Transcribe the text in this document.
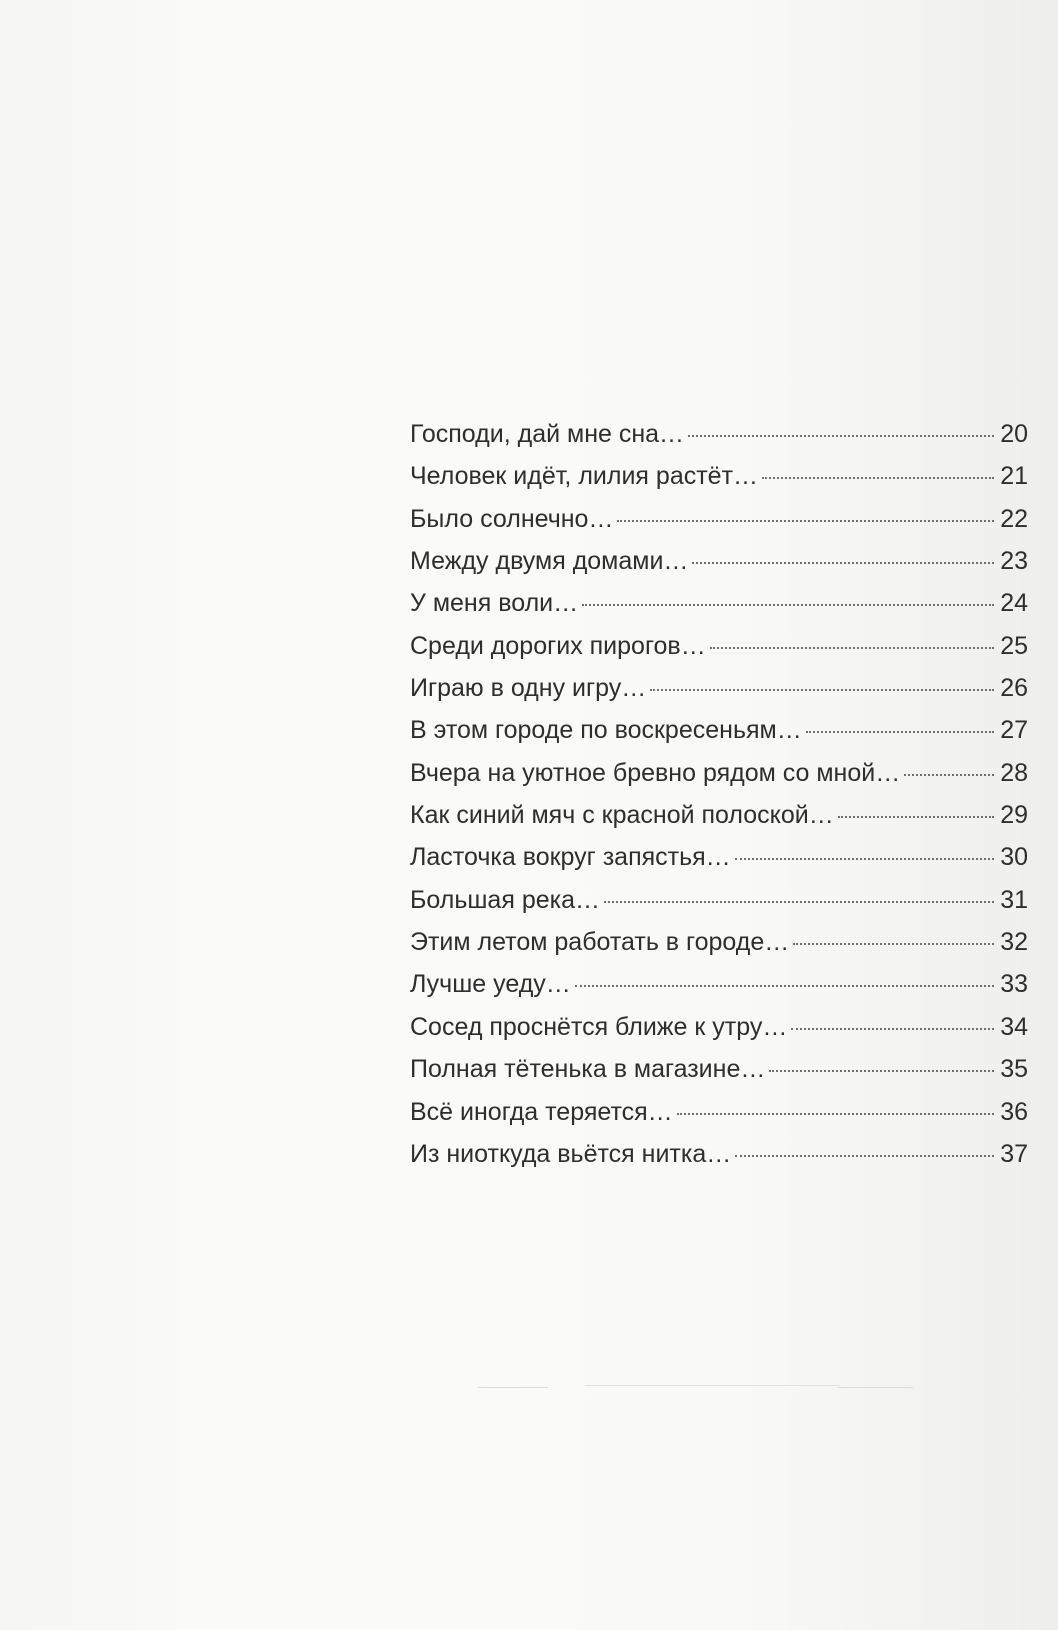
Господи, дай мне сна…	20
Человек идёт, лилия растёт…	21
Было солнечно…	22
Между двумя домами…	23
У меня воли…	24
Среди дорогих пирогов…	25
Играю в одну игру…	26
В этом городе по воскресеньям…	27
Вчера на уютное бревно рядом со мной…	28
Как синий мяч с красной полоской…	29
Ласточка вокруг запястья…	30
Большая река…	31
Этим летом работать в городе…	32
Лучше уеду…	33
Сосед проснётся ближе к утру…	34
Полная тётенька в магазине…	35
Всё иногда теряется…	36
Из ниоткуда вьётся нитка…	37
